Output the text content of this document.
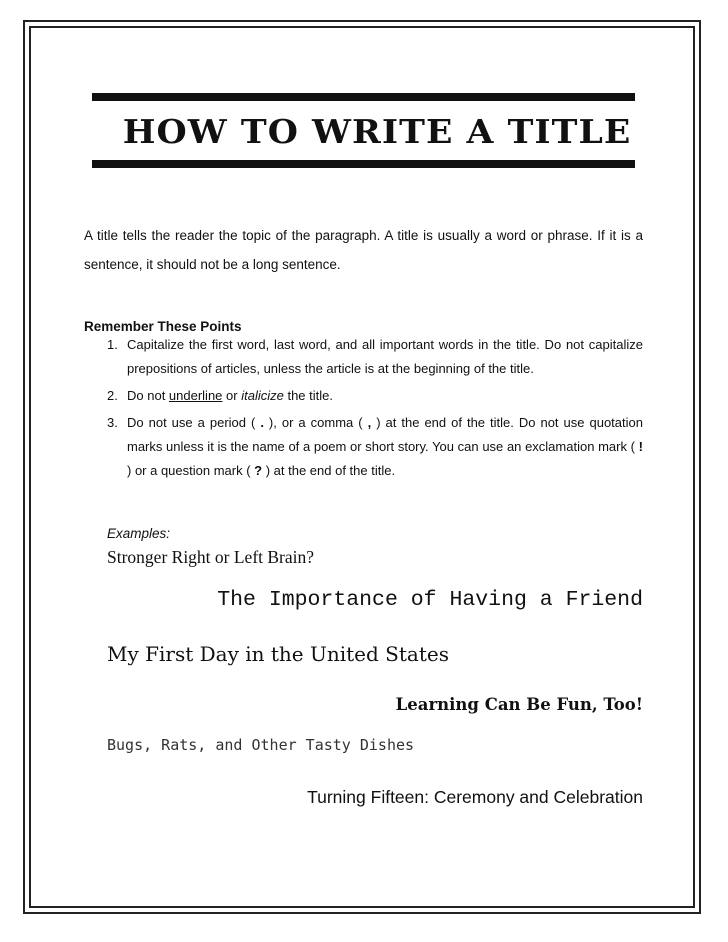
HOW TO WRITE A TITLE

A title tells the reader the topic of the paragraph. A title is usually a word or phrase. If it is a sentence, it should not be a long sentence.

Remember These Points
1. Capitalize the first word, last word, and all important words in the title. Do not capitalize prepositions of articles, unless the article is at the beginning of the title.
2. Do not underline or italicize the title.
3. Do not use a period ( . ), or a comma ( , ) at the end of the title. Do not use quotation marks unless it is the name of a poem or short story. You can use an exclamation mark ( ! ) or a question mark ( ? ) at the end of the title.
Examples:
Stronger Right or Left Brain?
The Importance of Having a Friend
My First Day in the United States
Learning Can Be Fun, Too!
Bugs, Rats, and Other Tasty Dishes
Turning Fifteen: Ceremony and Celebration
